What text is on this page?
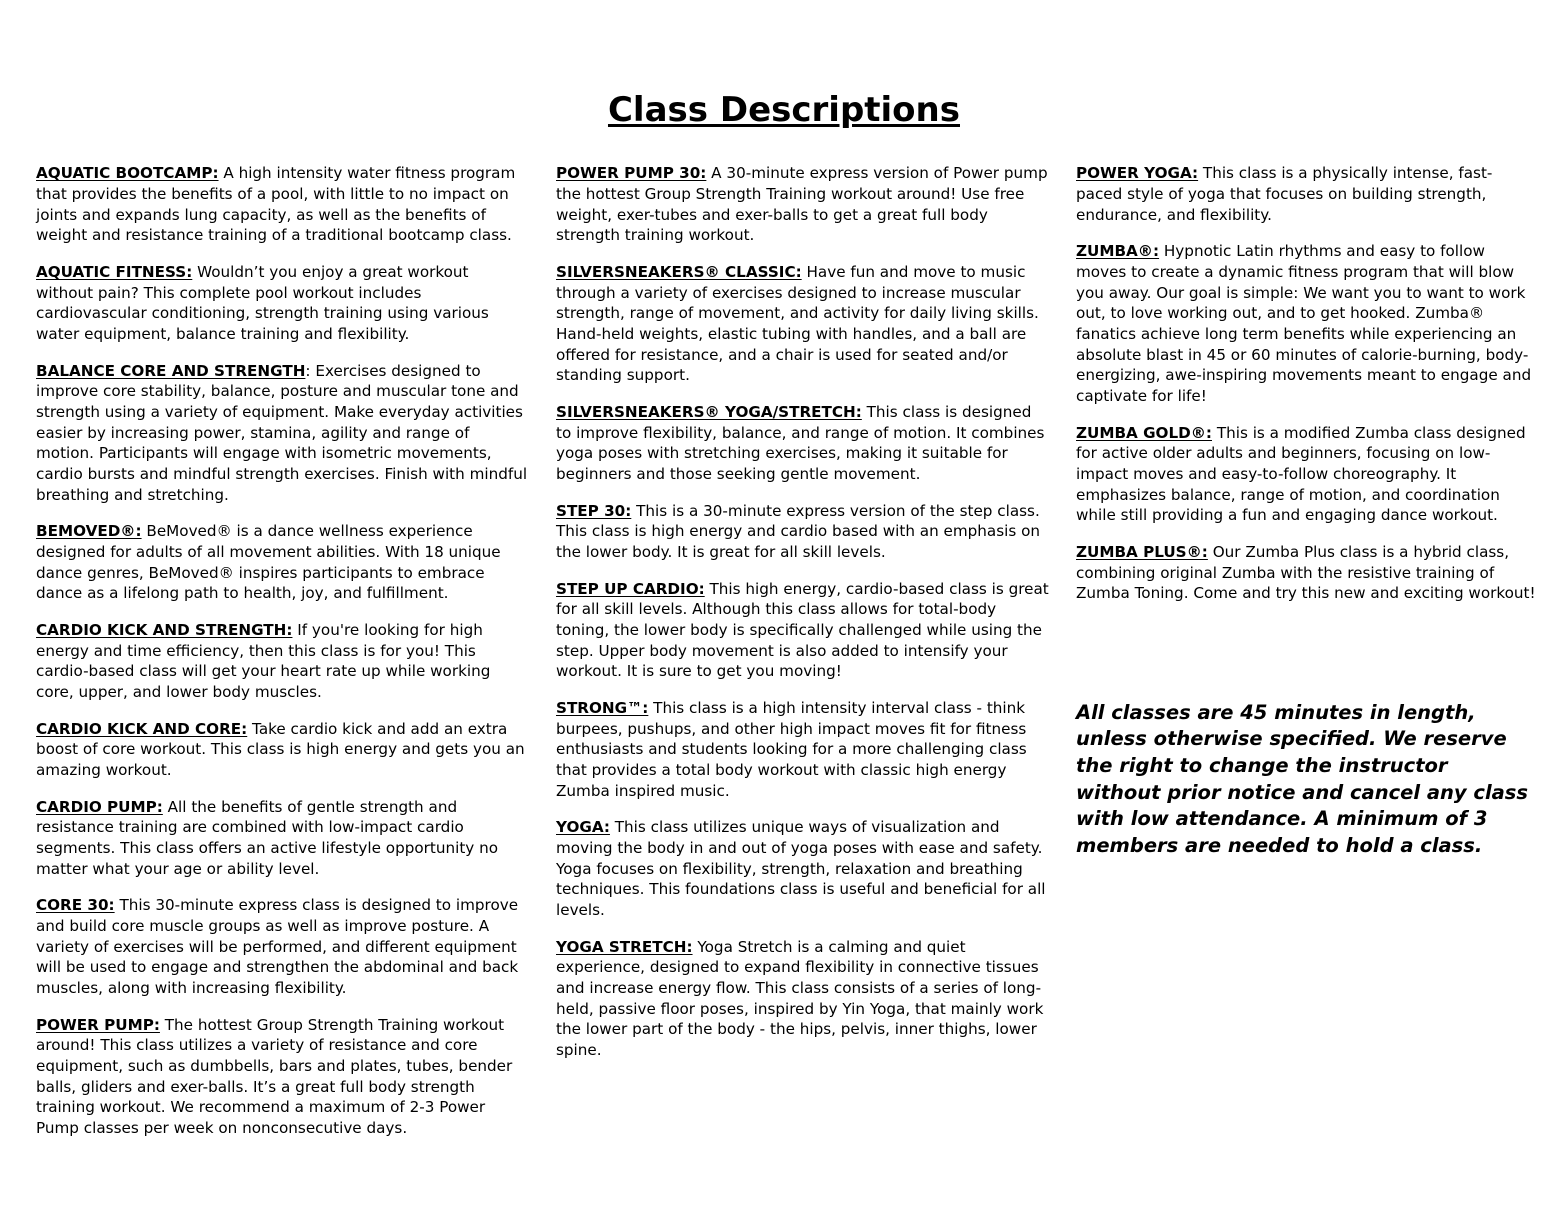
Class Descriptions

AQUATIC BOOTCAMP: A high intensity water fitness program that provides the benefits of a pool, with little to no impact on joints and expands lung capacity, as well as the benefits of weight and resistance training of a traditional bootcamp class.

AQUATIC FITNESS: Wouldn’t you enjoy a great workout without pain? This complete pool workout includes cardiovascular conditioning, strength training using various water equipment, balance training and flexibility.

BALANCE CORE AND STRENGTH: Exercises designed to improve core stability, balance, posture and muscular tone and strength using a variety of equipment. Make everyday activities easier by increasing power, stamina, agility and range of motion. Participants will engage with isometric movements, cardio bursts and mindful strength exercises. Finish with mindful breathing and stretching.

BEMOVED®: BeMoved® is a dance wellness experience designed for adults of all movement abilities. With 18 unique dance genres, BeMoved® inspires participants to embrace dance as a lifelong path to health, joy, and fulfillment.

CARDIO KICK AND STRENGTH: If you're looking for high energy and time efficiency, then this class is for you! This cardio-based class will get your heart rate up while working core, upper, and lower body muscles.

CARDIO KICK AND CORE: Take cardio kick and add an extra boost of core workout. This class is high energy and gets you an amazing workout.

CARDIO PUMP: All the benefits of gentle strength and resistance training are combined with low-impact cardio segments. This class offers an active lifestyle opportunity no matter what your age or ability level.

CORE 30: This 30-minute express class is designed to improve and build core muscle groups as well as improve posture. A variety of exercises will be performed, and different equipment will be used to engage and strengthen the abdominal and back muscles, along with increasing flexibility.

POWER PUMP: The hottest Group Strength Training workout around! This class utilizes a variety of resistance and core equipment, such as dumbbells, bars and plates, tubes, bender balls, gliders and exer-balls. It’s a great full body strength training workout. We recommend a maximum of 2-3 Power Pump classes per week on nonconsecutive days.

POWER PUMP 30: A 30-minute express version of Power pump the hottest Group Strength Training workout around! Use free weight, exer-tubes and exer-balls to get a great full body strength training workout.

SILVERSNEAKERS® CLASSIC: Have fun and move to music through a variety of exercises designed to increase muscular strength, range of movement, and activity for daily living skills. Hand-held weights, elastic tubing with handles, and a ball are offered for resistance, and a chair is used for seated and/or standing support.

SILVERSNEAKERS® YOGA/STRETCH: This class is designed to improve flexibility, balance, and range of motion. It combines yoga poses with stretching exercises, making it suitable for beginners and those seeking gentle movement.

STEP 30: This is a 30-minute express version of the step class. This class is high energy and cardio based with an emphasis on the lower body. It is great for all skill levels.

STEP UP CARDIO: This high energy, cardio-based class is great for all skill levels. Although this class allows for total-body toning, the lower body is specifically challenged while using the step. Upper body movement is also added to intensify your workout. It is sure to get you moving!

STRONG™: This class is a high intensity interval class - think burpees, pushups, and other high impact moves fit for fitness enthusiasts and students looking for a more challenging class that provides a total body workout with classic high energy Zumba inspired music.

YOGA: This class utilizes unique ways of visualization and moving the body in and out of yoga poses with ease and safety. Yoga focuses on flexibility, strength, relaxation and breathing techniques. This foundations class is useful and beneficial for all levels.

YOGA STRETCH: Yoga Stretch is a calming and quiet experience, designed to expand flexibility in connective tissues and increase energy flow. This class consists of a series of long-held, passive floor poses, inspired by Yin Yoga, that mainly work the lower part of the body - the hips, pelvis, inner thighs, lower spine.

POWER YOGA: This class is a physically intense, fast-paced style of yoga that focuses on building strength, endurance, and flexibility.

ZUMBA®: Hypnotic Latin rhythms and easy to follow moves to create a dynamic fitness program that will blow you away. Our goal is simple: We want you to want to work out, to love working out, and to get hooked. Zumba® fanatics achieve long term benefits while experiencing an absolute blast in 45 or 60 minutes of calorie-burning, body-energizing, awe-inspiring movements meant to engage and captivate for life!

ZUMBA GOLD®: This is a modified Zumba class designed for active older adults and beginners, focusing on low-impact moves and easy-to-follow choreography. It emphasizes balance, range of motion, and coordination while still providing a fun and engaging dance workout.

ZUMBA PLUS®: Our Zumba Plus class is a hybrid class, combining original Zumba with the resistive training of Zumba Toning. Come and try this new and exciting workout!

All classes are 45 minutes in length, unless otherwise specified. We reserve the right to change the instructor without prior notice and cancel any class with low attendance. A minimum of 3 members are needed to hold a class.
